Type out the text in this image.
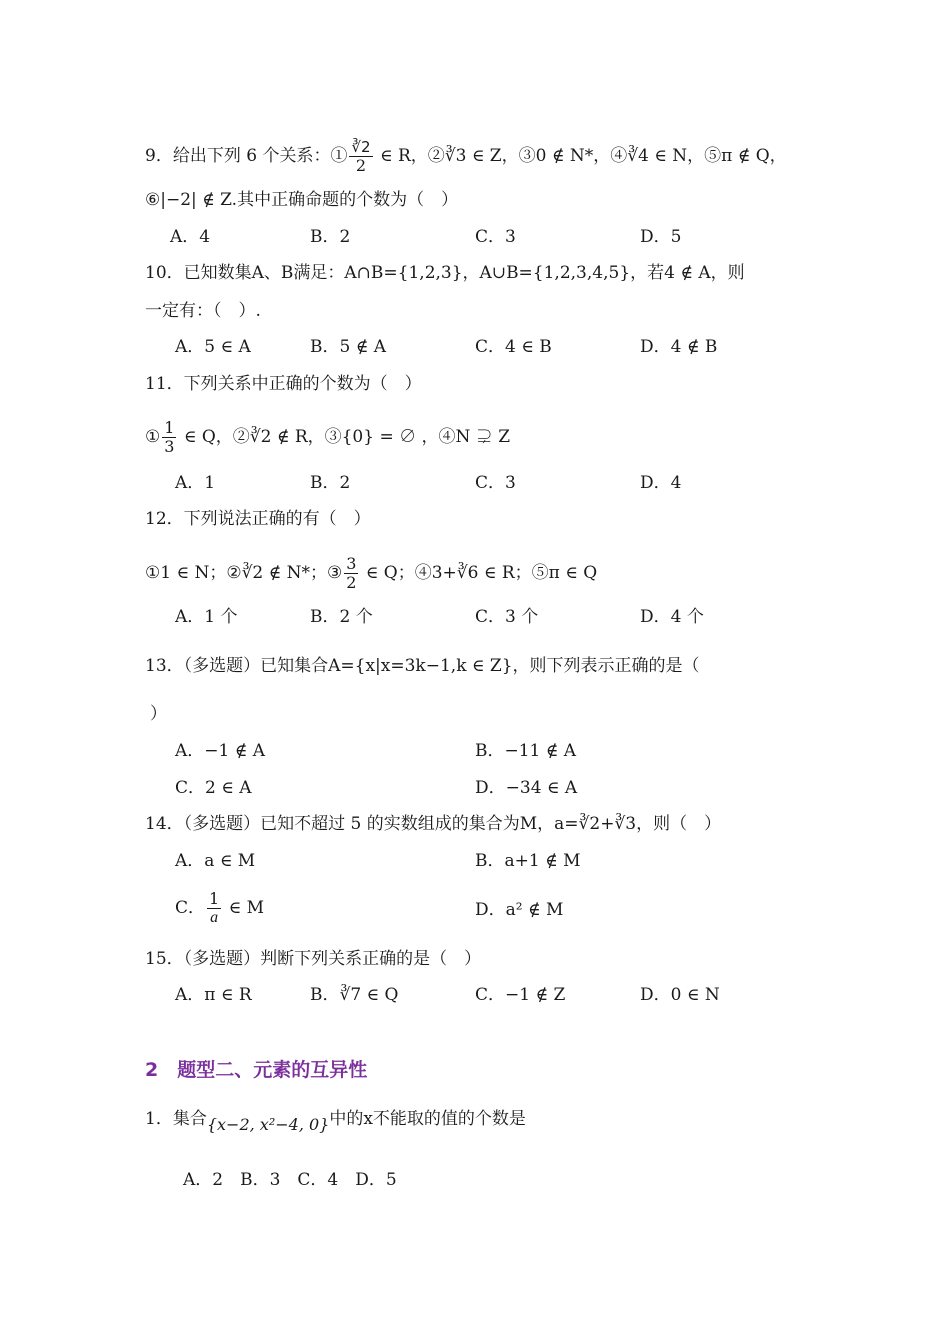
9．给出下列 6 个关系：① $\frac{∛2}{2}$ ∈ R，②∛3 ∈ Z，③0 ∉ N*，④∛4 ∈ N，⑤π ∉ Q，
⑥|−2| ∉ Z.其中正确命题的个数为（　）
A．4	B．2	C．3	D．5
10．已知数集A、B满足：A∩B={1,2,3}，A∪B={1,2,3,4,5}，若4 ∉ A，则
一定有：（　）.
A．5 ∈ A	B．5 ∉ A	C．4 ∈ B	D．4 ∉ B
11．下列关系中正确的个数为（　）
① $\frac{1}{3}$ ∈ Q，②∛2 ∉ R，③{0} = ∅ ，④N ⊋ Z
A．1	B．2	C．3	D．4
12．下列说法正确的有（　）
①1 ∈ N；②∛2 ∉ N*；③ $\frac{3}{2}$ ∈ Q；④3+∛6 ∈ R；⑤π ∈ Q
A．1 个	B．2 个	C．3 个	D．4 个
13．（多选题）已知集合A={x|x=3k−1,k ∈ Z}，则下列表示正确的是（
）
A．−1 ∉ A	B．−11 ∉ A
C．2 ∈ A	D．−34 ∈ A
14．（多选题）已知不超过 5 的实数组成的集合为M，a=∛2+∛3，则（　）
A．a ∈ M	B．a+1 ∉ M
C． $\frac{1}{a}$ ∈ M	D．a² ∉ M
15．（多选题）判断下列关系正确的是（　）
A．π ∈ R	B．∛7 ∈ Q	C．−1 ∉ Z	D．0 ∈ N
2　题型二、元素的互异性
1．集合{x−2, x²−4, 0}中的x不能取的值的个数是
A．2　B．3　C．4　D．5
